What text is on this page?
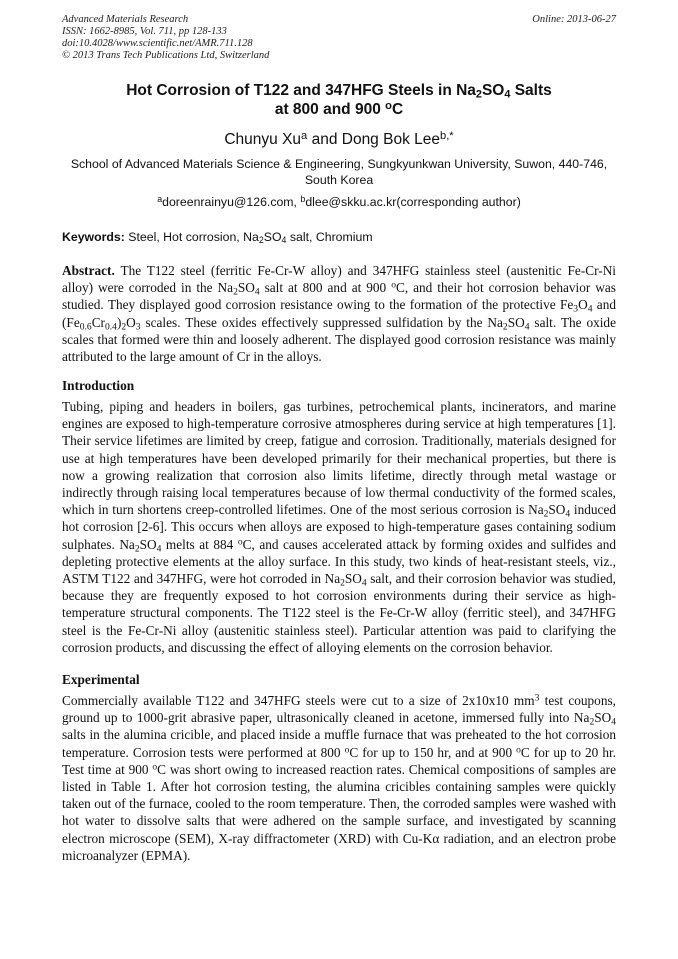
Advanced Materials Research
ISSN: 1662-8985, Vol. 711, pp 128-133
doi:10.4028/www.scientific.net/AMR.711.128
© 2013 Trans Tech Publications Ltd, Switzerland
Online: 2013-06-27
Hot Corrosion of T122 and 347HFG Steels in $Na_2SO_4$ Salts
at 800 and 900 $^o$C
Chunyu Xu$^a$ and Dong Bok Lee$^{b,*}$
School of Advanced Materials Science & Engineering, Sungkyunkwan University, Suwon, 440-746, South Korea
$^a$doreenrainyu@126.com, $^b$dlee@skku.ac.kr(corresponding author)
Keywords: Steel, Hot corrosion, $Na_2SO_4$ salt, Chromium
Abstract. The T122 steel (ferritic Fe-Cr-W alloy) and 347HFG stainless steel (austenitic Fe-Cr-Ni alloy) were corroded in the $Na_2SO_4$ salt at 800 and at 900 $^o$C, and their hot corrosion behavior was studied. They displayed good corrosion resistance owing to the formation of the protective $Fe_3O_4$ and $(Fe_{0.6}Cr_{0.4})_2O_3$ scales. These oxides effectively suppressed sulfidation by the $Na_2SO_4$ salt. The oxide scales that formed were thin and loosely adherent. The displayed good corrosion resistance was mainly attributed to the large amount of Cr in the alloys.
Introduction
Tubing, piping and headers in boilers, gas turbines, petrochemical plants, incinerators, and marine engines are exposed to high-temperature corrosive atmospheres during service at high temperatures [1]. Their service lifetimes are limited by creep, fatigue and corrosion. Traditionally, materials designed for use at high temperatures have been developed primarily for their mechanical properties, but there is now a growing realization that corrosion also limits lifetime, directly through metal wastage or indirectly through raising local temperatures because of low thermal conductivity of the formed scales, which in turn shortens creep-controlled lifetimes. One of the most serious corrosion is $Na_2SO_4$ induced hot corrosion [2-6]. This occurs when alloys are exposed to high-temperature gases containing sodium sulphates. $Na_2SO_4$ melts at 884 $^o$C, and causes accelerated attack by forming oxides and sulfides and depleting protective elements at the alloy surface. In this study, two kinds of heat-resistant steels, viz., ASTM T122 and 347HFG, were hot corroded in $Na_2SO_4$ salt, and their corrosion behavior was studied, because they are frequently exposed to hot corrosion environments during their service as high-temperature structural components. The T122 steel is the Fe-Cr-W alloy (ferritic steel), and 347HFG steel is the Fe-Cr-Ni alloy (austenitic stainless steel). Particular attention was paid to clarifying the corrosion products, and discussing the effect of alloying elements on the corrosion behavior.
Experimental
Commercially available T122 and 347HFG steels were cut to a size of 2x10x10 $mm^3$ test coupons, ground up to 1000-grit abrasive paper, ultrasonically cleaned in acetone, immersed fully into $Na_2SO_4$ salts in the alumina cricible, and placed inside a muffle furnace that was preheated to the hot corrosion temperature. Corrosion tests were performed at 800 $^o$C for up to 150 hr, and at 900 $^o$C for up to 20 hr. Test time at 900 $^o$C was short owing to increased reaction rates. Chemical compositions of samples are listed in Table 1. After hot corrosion testing, the alumina cricibles containing samples were quickly taken out of the furnace, cooled to the room temperature. Then, the corroded samples were washed with hot water to dissolve salts that were adhered on the sample surface, and investigated by scanning electron microscope (SEM), X-ray diffractometer (XRD) with Cu-Kα radiation, and an electron probe microanalyzer (EPMA).
